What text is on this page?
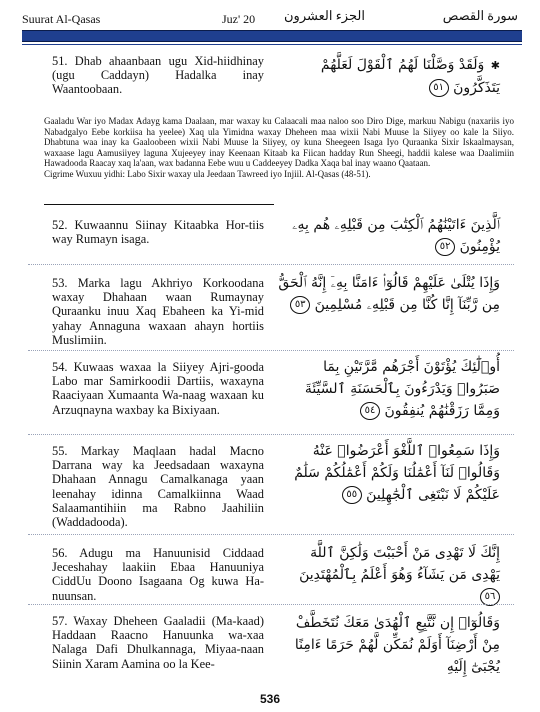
Suurat Al-Qasas	Juz' 20 الجزء العشرون	سورة القصص
51. Dhab ahaanbaan ugu Xid-hiidhinay (ugu Caddayn) Hadalka inay Waantoobaan.
✱ وَلَقَدْ وَصَّلْنَا لَهُمُ ٱلْقَوْلَ لَعَلَّهُمْ يَتَذَكَّرُونَ ٥١
Gaaladu War iyo Madax Adayg kama Daalaan, mar waxay ku Calaacali maa naloo soo Diro Dige, markuu Nabigu (naxariis iyo Nabadgalyo Eebe korkiisa ha yeelee) Xaq ula Yimidna waxay Dheheen maa wixii Nabi Muuse la Siiyey oo kale la Siiyo. Dhabtuna waa inay ka Gaaloobeen wixii Nabi Muuse la Siiyey, oy kuna Sheegeen Isaga Iyo Quraanka Sixir Iskaalmaysan, waxaase lagu Aamusiiyey laguna Xujeeyey inay Keenaan Kitaab ka Fiican hadday Run Sheegi, haddii kalese waa Daalimiin Hawadooda Raacay xaq la'aan, wax badanna Eebe wuu u Caddeeyey Dadka Xaqa bal inay waano Qaataan.
Cigrime Wuxuu yidhi: Labo Sixir waxay ula Jeedaan Tawreed iyo Injiil. Al-Qasas (48-51).
52. Kuwaannu Siinay Kitaabka Hor-tiis way Rumayn isaga.
ٱلَّذِينَ ءَاتَيْنَٰهُمُ ٱلْكِتَٰبَ مِن قَبْلِهِۦ هُم بِهِۦ يُؤْمِنُونَ ٥٢
53. Marka lagu Akhriyo Korkoodana waxay Dhahaan waan Rumaynay Quraanku inuu Xaq Ebaheen ka Yi-mid yahay Annaguna waxaan ahayn hortiis Muslimiin.
وَإِذَا يُتْلَىٰ عَلَيْهِمْ قَالُوٓا۟ ءَامَنَّا بِهِۦٓ إِنَّهُ ٱلْحَقُّ مِن رَّبِّنَآ إِنَّا كُنَّا مِن قَبْلِهِۦ مُسْلِمِينَ ٥٣
54. Kuwaas waxaa la Siiyey Ajri-gooda Labo mar Samirkoodii Dartiis, waxayna Raaciyaan Xumaanta Wa-naag waxaan ku Arzuqnayna waxbay ka Bixiyaan.
أُو۟لَٰٓئِكَ يُؤْتَوْنَ أَجْرَهُم مَّرَّتَيْنِ بِمَا صَبَرُوا۟ وَيَدْرَءُونَ بِٱلْحَسَنَةِ ٱلسَّيِّئَةَ وَمِمَّا رَزَقْنَٰهُمْ يُنفِقُونَ ٥٤
55. Markay Maqlaan hadal Macno Darrana way ka Jeedsadaan waxayna Dhahaan Annagu Camalkanaga yaan leenahay idinna Camalkiinna Waad Salaamantihiin ma Rabno Jaahiliin (Waddadooda).
وَإِذَا سَمِعُوا۟ ٱللَّغْوَ أَعْرَضُوا۟ عَنْهُ وَقَالُوا۟ لَنَآ أَعْمَٰلُنَا وَلَكُمْ أَعْمَٰلُكُمْ سَلَٰمٌ عَلَيْكُمْ لَا نَبْتَغِى ٱلْجَٰهِلِينَ ٥٥
56. Adugu ma Hanuunisid Ciddaad Jeceshahay laakiin Ebaa Hanuuniya CiddUu Doono Isagaana Og kuwa Ha-nuunsan.
إِنَّكَ لَا تَهْدِى مَنْ أَحْبَبْتَ وَلَٰكِنَّ ٱللَّهَ يَهْدِى مَن يَشَآءُ وَهُوَ أَعْلَمُ بِٱلْمُهْتَدِينَ ٥٦
57. Waxay Dheheen Gaaladii (Ma-kaad) Haddaan Raacno Hanuunka wa-xaa Nalaga Dafi Dhulkannaga, Miyaa-naan Siinin Xaram Aamina oo la Kee-
وَقَالُوٓا۟ إِن نَّتَّبِعِ ٱلْهُدَىٰ مَعَكَ نُتَخَطَّفْ مِنْ أَرْضِنَآ أَوَلَمْ نُمَكِّن لَّهُمْ حَرَمًا ءَامِنًا يُجْبَىٰٓ إِلَيْهِ
536
